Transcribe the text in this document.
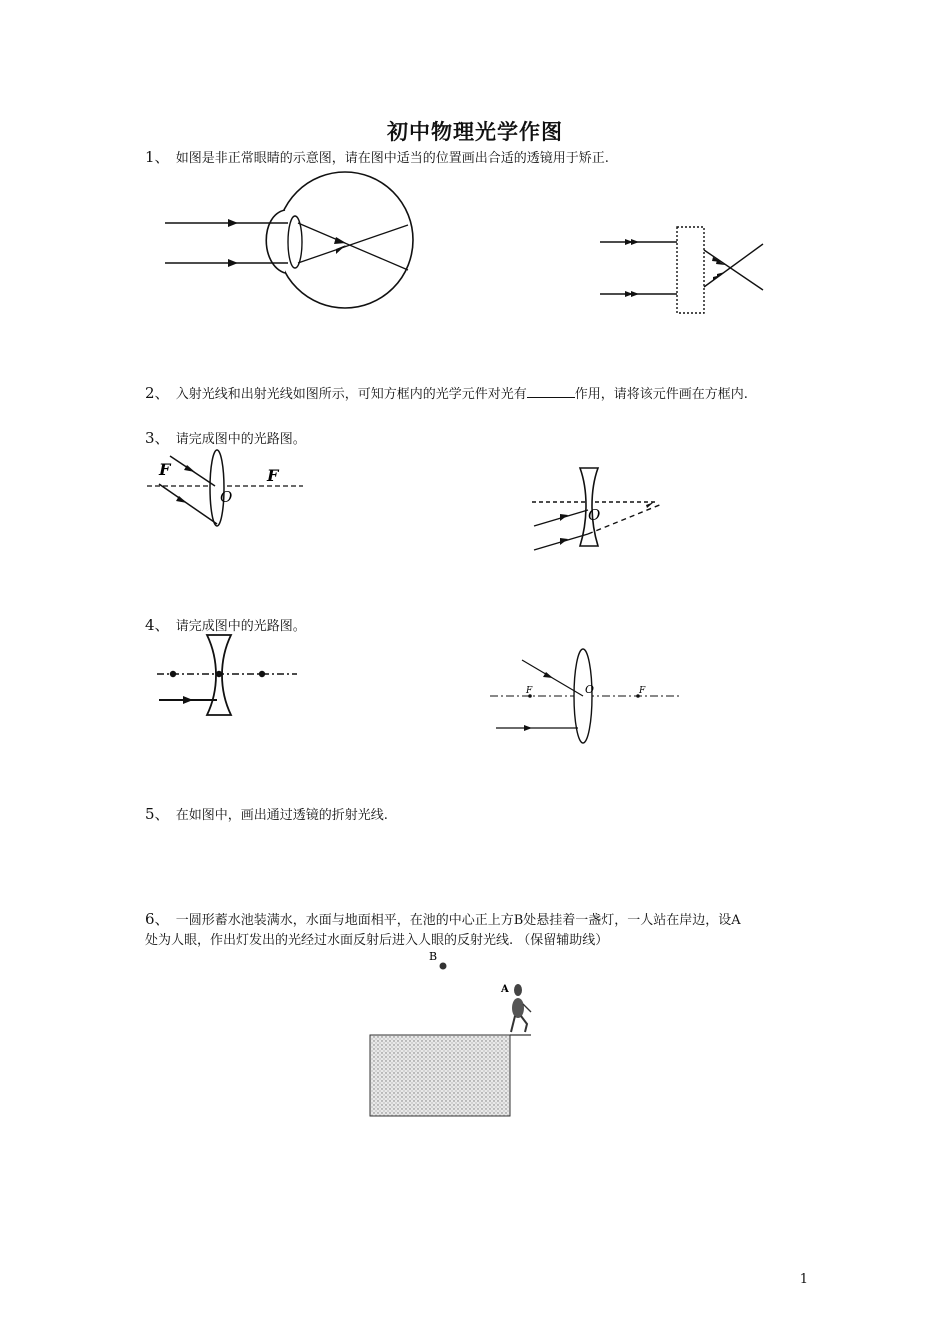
初中物理光学作图
1、 如图是非正常眼睛的示意图，请在图中适当的位置画出合适的透镜用于矫正.
2、 入射光线和出射光线如图所示，可知方框内的光学元件对光有	作用，请将该元件画在方框内.
3、 请完成图中的光路图。
F
O
F
O
4、 请完成图中的光路图。
F	O	F
5、 在如图中，画出通过透镜的折射光线.
6、 一圆形蓄水池装满水，水面与地面相平，在池的中心正上方B处悬挂着一盏灯，一人站在岸边，设A
处为人眼，作出灯发出的光经过水面反射后进入人眼的反射光线. （保留辅助线）
B
A
1
